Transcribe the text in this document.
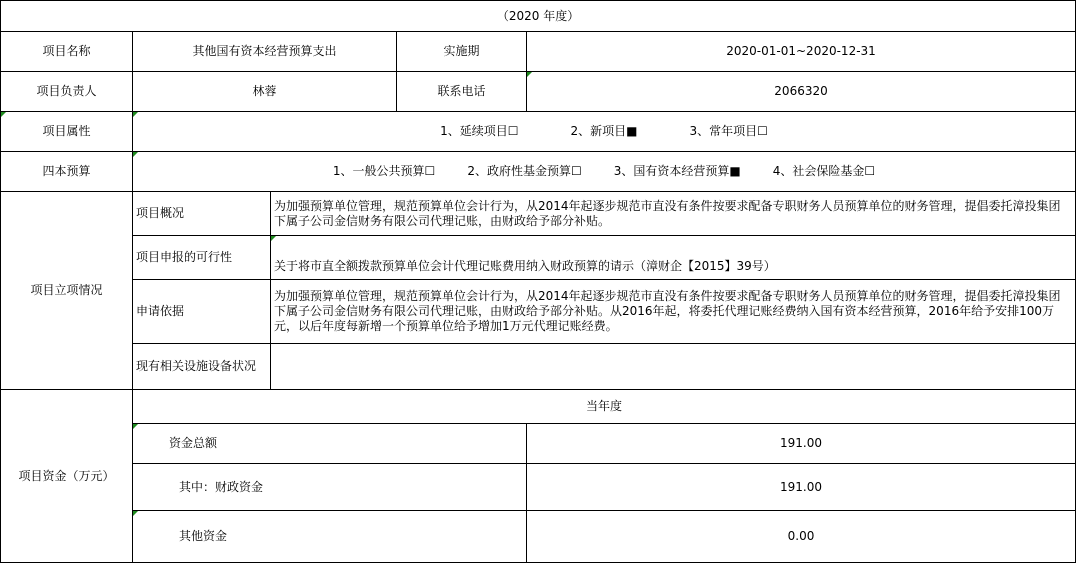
（2020 年度）				
项目名称	其他国有资本经营预算支出		实施期	2020-01-01~2020-12-31
项目负责人	林蓉		联系电话	2066320
项目属性	1、延续项目☐ 2、新项目■ 3、常年项目☐			
四本预算	1、一般公共预算☐ 2、政府性基金预算☐ 3、国有资本经营预算■ 4、社会保险基金☐			
项目立项情况	项目概况	为加强预算单位管理，规范预算单位会计行为，从2014年起逐步规范市直没有条件按要求配备专职财务人员预算单位的财务管理，提倡委托漳投集团下属子公司金信财务有限公司代理记账，由财政给予部分补贴。		
	项目申报的可行性	关于将市直全额拨款预算单位会计代理记账费用纳入财政预算的请示（漳财企【2015】39号）		
	申请依据	为加强预算单位管理，规范预算单位会计行为，从2014年起逐步规范市直没有条件按要求配备专职财务人员预算单位的财务管理，提倡委托漳投集团下属子公司金信财务有限公司代理记账，由财政给予部分补贴。从2016年起，将委托代理记账经费纳入国有资本经营预算，2016年给予安排100万元，以后年度每新增一个预算单位给予增加1万元代理记账经费。		
	现有相关设施设备状况			
项目资金（万元）	当年度			
	资金总额			191.00
	其中：财政资金			191.00
	其他资金			0.00
